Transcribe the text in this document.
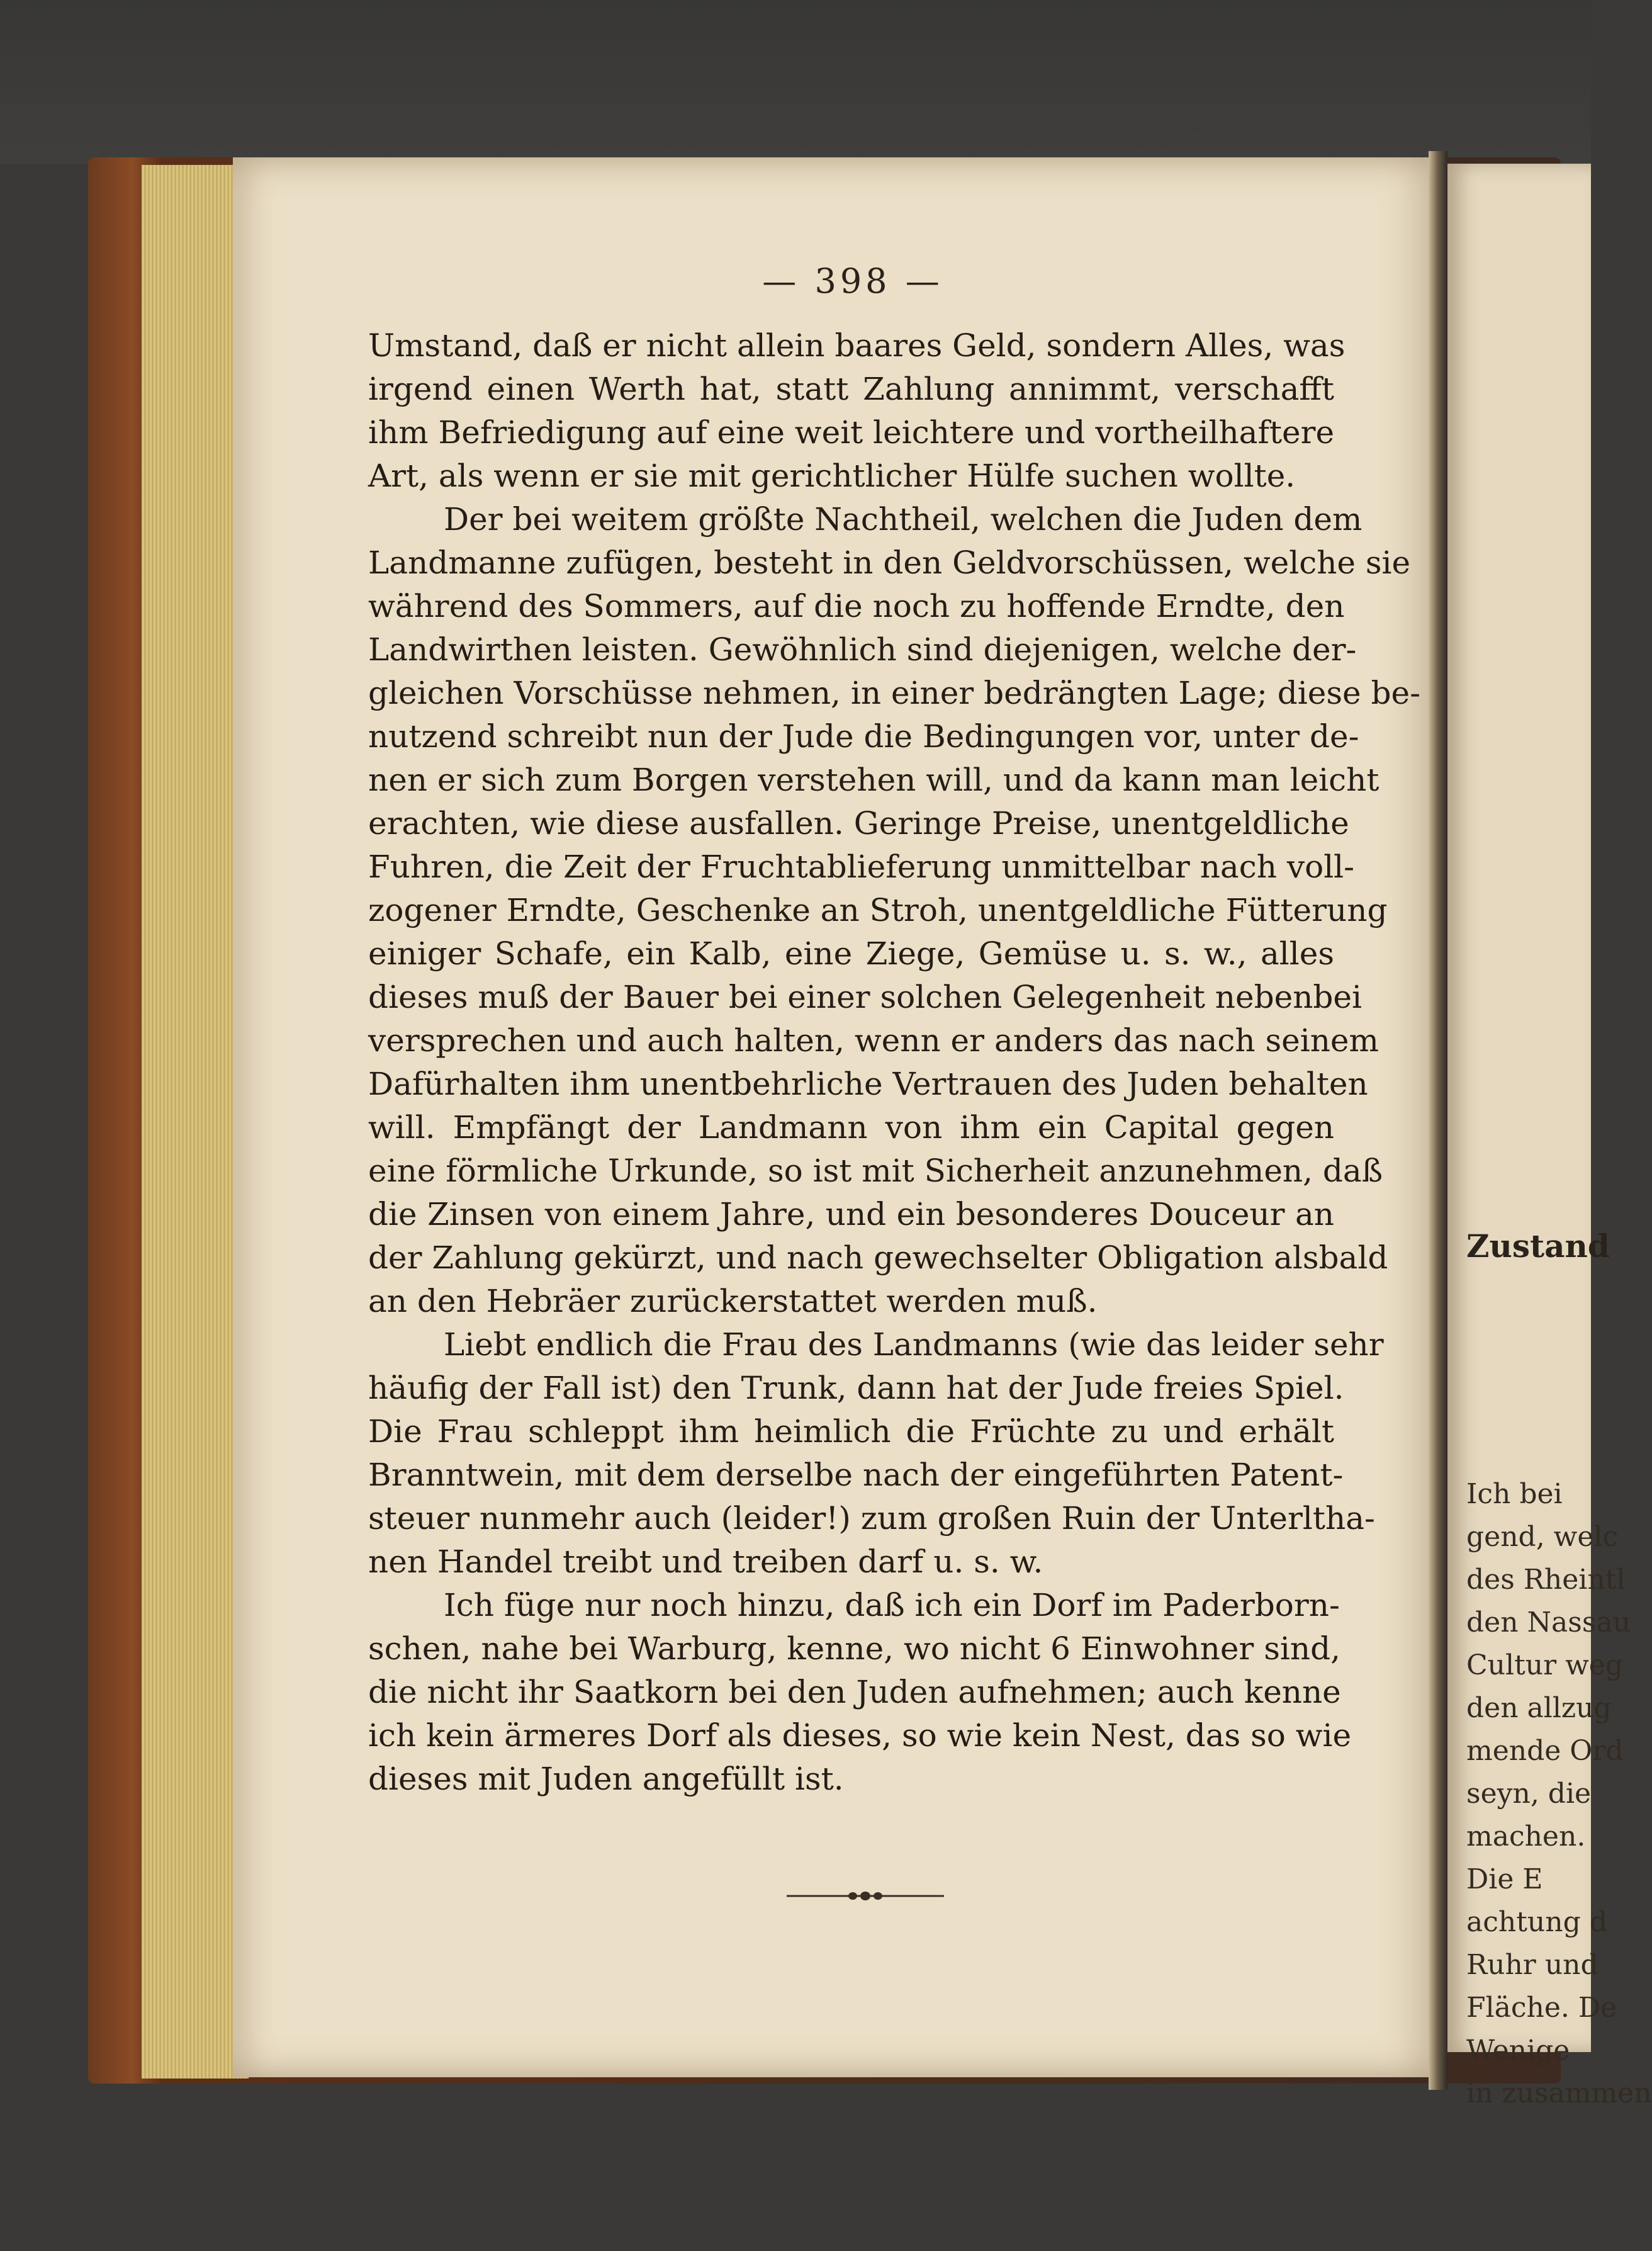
Zustand
Ich bei
gend, welc
des Rheintl
den Nassau
Cultur weg
den allzug
mende Ord
seyn, die
machen.
Die E
achtung d
Ruhr und
Fläche. De
Wenige
in zusammen
— 398 —
Umstand, daß er nicht allein baares Geld, sondern Alles, was
irgend einen Werth hat, statt Zahlung annimmt, verschafft
ihm Befriedigung auf eine weit leichtere und vortheilhaftere
Art, als wenn er sie mit gerichtlicher Hülfe suchen wollte.
Der bei weitem größte Nachtheil, welchen die Juden dem
Landmanne zufügen, besteht in den Geldvorschüssen, welche sie
während des Sommers, auf die noch zu hoffende Erndte, den
Landwirthen leisten. Gewöhnlich sind diejenigen, welche der-
gleichen Vorschüsse nehmen, in einer bedrängten Lage; diese be-
nutzend schreibt nun der Jude die Bedingungen vor, unter de-
nen er sich zum Borgen verstehen will, und da kann man leicht
erachten, wie diese ausfallen. Geringe Preise, unentgeldliche
Fuhren, die Zeit der Fruchtablieferung unmittelbar nach voll-
zogener Erndte, Geschenke an Stroh, unentgeldliche Fütterung
einiger Schafe, ein Kalb, eine Ziege, Gemüse u. s. w., alles
dieses muß der Bauer bei einer solchen Gelegenheit nebenbei
versprechen und auch halten, wenn er anders das nach seinem
Dafürhalten ihm unentbehrliche Vertrauen des Juden behalten
will. Empfängt der Landmann von ihm ein Capital gegen
eine förmliche Urkunde, so ist mit Sicherheit anzunehmen, daß
die Zinsen von einem Jahre, und ein besonderes Douceur an
der Zahlung gekürzt, und nach gewechselter Obligation alsbald
an den Hebräer zurückerstattet werden muß.
Liebt endlich die Frau des Landmanns (wie das leider sehr
häufig der Fall ist) den Trunk, dann hat der Jude freies Spiel.
Die Frau schleppt ihm heimlich die Früchte zu und erhält
Branntwein, mit dem derselbe nach der eingeführten Patent-
steuer nunmehr auch (leider!) zum großen Ruin der Unterltha-
nen Handel treibt und treiben darf u. s. w.
Ich füge nur noch hinzu, daß ich ein Dorf im Paderborn-
schen, nahe bei Warburg, kenne, wo nicht 6 Einwohner sind,
die nicht ihr Saatkorn bei den Juden aufnehmen; auch kenne
ich kein ärmeres Dorf als dieses, so wie kein Nest, das so wie
dieses mit Juden angefüllt ist.
